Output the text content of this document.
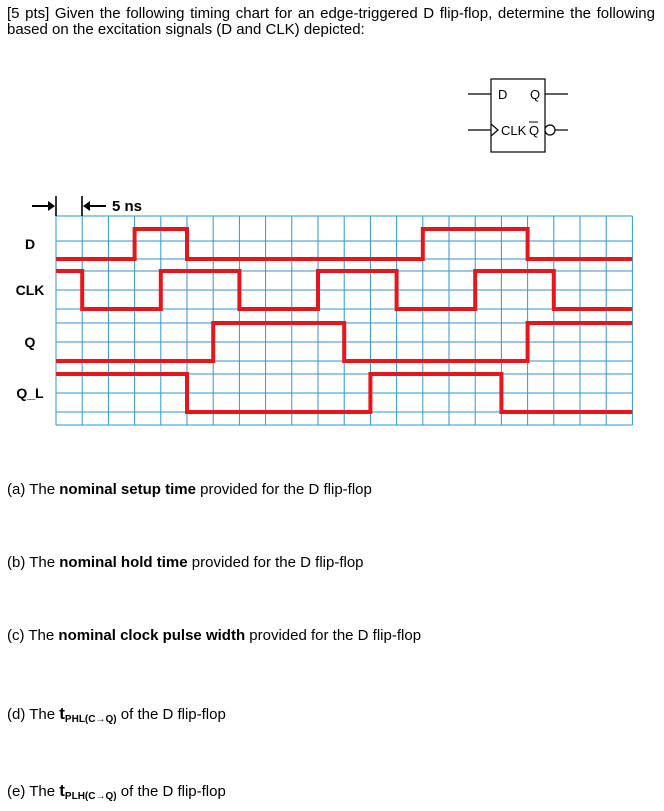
[5 pts] Given the following timing chart for an edge-triggered D flip-flop, determine the following based on the excitation signals (D and CLK) depicted:
D Q
CLK Q
5 ns
D
CLK
Q
Q_L
(a) The nominal setup time provided for the D flip-flop
(b) The nominal hold time provided for the D flip-flop
(c) The nominal clock pulse width provided for the D flip-flop
(d) The $t_{PHL(C\to Q)}$ of the D flip-flop
(e) The $t_{PLH(C\to Q)}$ of the D flip-flop
